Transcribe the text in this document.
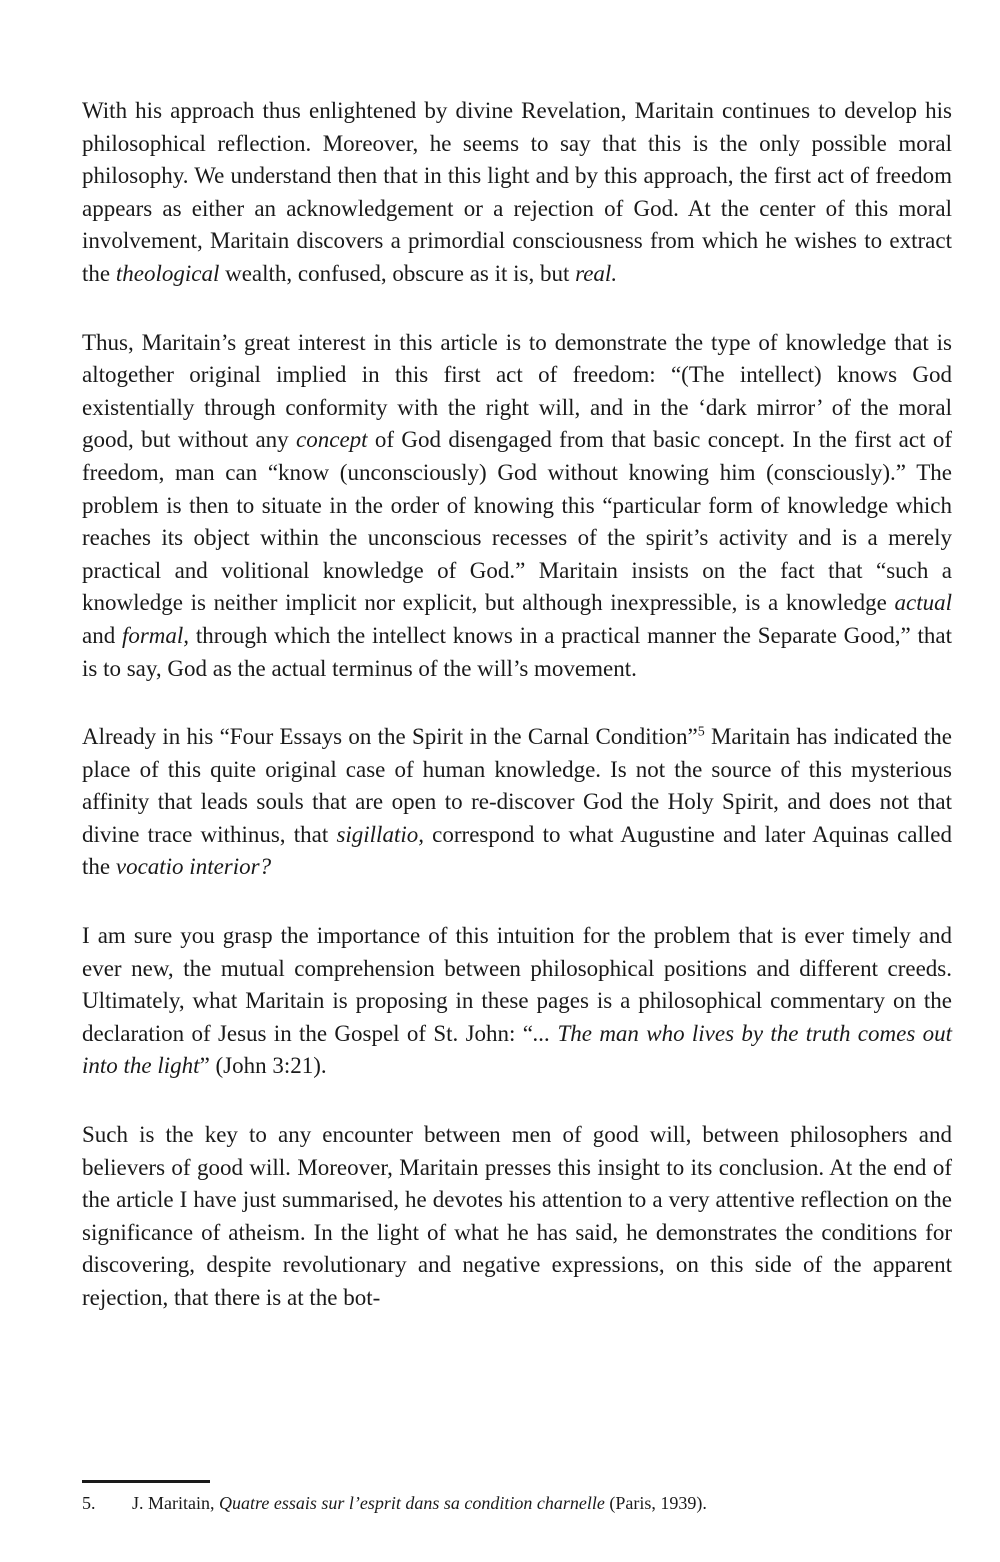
With his approach thus enlightened by divine Revelation, Maritain continues to develop his philosophical reflection. Moreover, he seems to say that this is the only possible moral philosophy. We understand then that in this light and by this approach, the first act of freedom appears as either an acknowledgement or a rejection of God. At the center of this moral involvement, Maritain discovers a primordial consciousness from which he wishes to extract the theological wealth, confused, obscure as it is, but real.

Thus, Maritain’s great interest in this article is to demonstrate the type of knowledge that is altogether original implied in this first act of freedom: “(The intellect) knows God existentially through conformity with the right will, and in the ‘dark mirror’ of the moral good, but without any concept of God disengaged from that basic concept. In the first act of freedom, man can “know (unconsciously) God without knowing him (consciously).” The problem is then to situate in the order of knowing this “particular form of knowledge which reaches its object within the unconscious recesses of the spirit’s activity and is a merely practical and volitional knowledge of God.” Maritain insists on the fact that “such a knowledge is neither implicit nor explicit, but although inexpressible, is a knowledge actual and formal, through which the intellect knows in a practical manner the Separate Good,” that is to say, God as the actual terminus of the will’s movement.

Already in his “Four Essays on the Spirit in the Carnal Condition”$^5$ Maritain has indicated the place of this quite original case of human knowledge. Is not the source of this mysterious affinity that leads souls that are open to re-discover God the Holy Spirit, and does not that divine trace withinus, that sigillatio, correspond to what Augustine and later Aquinas called the vocatio interior?

I am sure you grasp the importance of this intuition for the problem that is ever timely and ever new, the mutual comprehension between philosophical positions and different creeds. Ultimately, what Maritain is proposing in these pages is a philosophical commentary on the declaration of Jesus in the Gospel of St. John: “... The man who lives by the truth comes out into the light” (John 3:21).

Such is the key to any encounter between men of good will, between philosophers and believers of good will. Moreover, Maritain presses this insight to its conclusion. At the end of the article I have just summarised, he devotes his attention to a very attentive reflection on the significance of atheism. In the light of what he has said, he demonstrates the conditions for discovering, despite revolutionary and negative expressions, on this side of the apparent rejection, that there is at the bot-

5. J. Maritain, Quatre essais sur l’esprit dans sa condition charnelle (Paris, 1939).
